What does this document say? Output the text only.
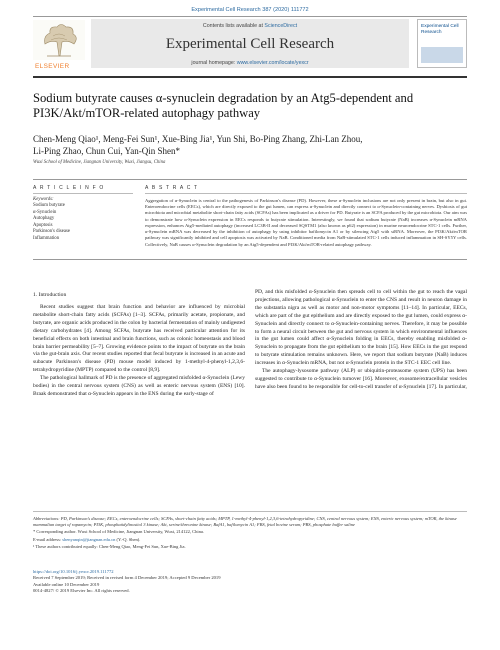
Experimental Cell Research 387 (2020) 111772
ELSEVIER
Contents lists available at ScienceDirect
Experimental Cell Research
journal homepage: www.elsevier.com/locate/yexcr
Experimental Cell Research
Sodium butyrate causes α-synuclein degradation by an Atg5-dependent and PI3K/Akt/mTOR-related autophagy pathway
Chen-Meng Qiao¹, Meng-Fei Sun¹, Xue-Bing Jia¹, Yun Shi, Bo-Ping Zhang, Zhi-Lan Zhou,
Li-Ping Zhao, Chun Cui, Yan-Qin Shen*
Wuxi School of Medicine, Jiangnan University, Wuxi, Jiangsu, China
A R T I C L E I N F O	A B S T R A C T
Keywords:
Sodium butyrate
α-Synuclein
Autophagy
Apoptosis
Parkinson's disease
Inflammation
Aggregation of α-Synuclein is central to the pathogenesis of Parkinson's disease (PD). However, these α-Synuclein inclusions are not only present in brain, but also in gut. Enteroendocrine cells (EECs), which are directly exposed to the gut lumen, can express α-Synuclein and directly connect to α-Synuclein-containing nerves. Dysbiosis of gut microbiota and microbial metabolite short-chain fatty acids (SCFAs) has been implicated as a driver for PD. Butyrate is an SCFA produced by the gut microbiota. Our aim was to demonstrate how α-Synuclein expression in EECs responds to butyrate stimulation. Interestingly, we found that sodium butyrate (NaB) increases α-Synuclein mRNA expression, enhances Atg5-mediated autophagy (increased LC3B-II and decreased SQSTM1 (also known as p62) expression) in murine neuroendocrine STC-1 cells. Further, α-Synuclein mRNA was decreased by the inhibition of autophagy by using inhibitor bafilomycin A1 or by silencing Atg5 with siRNA. Moreover, the PI3K/Akt/mTOR pathway was significantly inhibited and cell apoptosis was activated by NaB. Conditioned media from NaB-stimulated STC-1 cells induced inflammation in SH-SY5Y cells. Collectively, NaB causes α-Synuclein degradation by an Atg5-dependent and PI3K/Akt/mTOR-related autophagy pathway.
1. Introduction

Recent studies suggest that brain function and behavior are influenced by microbial metabolite short-chain fatty acids (SCFAs) [1–3]. SCFAs, primarily acetate, propionate, and butyrate, are organic acids produced in the colon by bacterial fermentation of mainly undigested dietary carbohydrates [4]. Among SCFAs, butyrate has received particular attention for its beneficial effects on both intestinal and brain functions, such as colonic homeostasis and blood brain barrier permeability [5–7]. Growing evidence points to the impact of butyrate on the brain via the gut-brain axis. Our recent studies reported that fecal butyrate is increased in an acute and subacute Parkinson's disease (PD) mouse model induced by 1-methyl-4-phenyl-1,2,3,6-tetrahydropyridine (MPTP) compared to the control [8,9].

The pathological hallmark of PD is the presence of aggregated misfolded α-Synuclein (Lewy bodies) in the central nervous system (CNS) as well as enteric nervous system (ENS) [10]. Braak demonstrated that α-Synuclein appears in the ENS during the early-stage of

PD, and this misfolded α-Synuclein then spreads cell to cell within the gut to reach the vagal projections, allowing pathological α-Synuclein to enter the CNS and result in neuron damage in the substantia nigra as well as motor and non-motor symptoms [11–14]. In particular, EECs, which are part of the gut epithelium and are directly exposed to the gut lumen, could express α-Synuclein and directly connect to α-Synuclein-containing nerves. Therefore, it may be possible to form a neural circuit between the gut and nervous system in which environmental influences in the gut lumen could affect α-Synuclein folding in EECs, thereby enabling misfolded α-Synuclein to propagate from the gut epithelium to the brain [15]. How EECs in the gut respond to butyrate stimulation remains unknown. Here, we report that sodium butyrate (NaB) induces increases in α-Synuclein mRNA, but not α-Synuclein protein in the STC-1 EEC cell line.

The autophagy-lysosome pathway (ALP) or ubiquitin-proteasome system (UPS) has been suggested to contribute to α-Synuclein turnover [16]. Moreover, exosome/extracellular vesicles have also been found to be responsible for cell-to-cell transfer of α-Synuclein [17]. In particular,

Abbreviations: PD, Parkinson's disease; EECs, enteroendocrine cells; SCFAs, short-chain fatty acids; MPTP, 1-methyl-4-phenyl-1,2,3,6-tetrahydropyridine; CNS, central nervous system; ENS, enteric nervous system; mTOR, the kinase mammalian target of rapamycin; PI3K, phosphatidylinositol 3 kinase; Akt, serine/threonine kinase; BafA1, bafilomycin A1; FBS, fetal bovine serum; PBS, phosphate buffer saline
* Corresponding author. Wuxi School of Medicine, Jiangnan University, Wuxi, 214122, China.
E-mail address: shenyanqin@jiangnan.edu.cn (Y.-Q. Shen).
¹ These authors contributed equally: Chen-Meng Qiao, Meng-Fei Sun, Xue-Bing Jia.
https://doi.org/10.1016/j.yexcr.2019.111772
Received 7 September 2019; Received in revised form 4 December 2019; Accepted 9 December 2019
Available online 10 December 2019
0014-4827/ © 2019 Elsevier Inc. All rights reserved.
